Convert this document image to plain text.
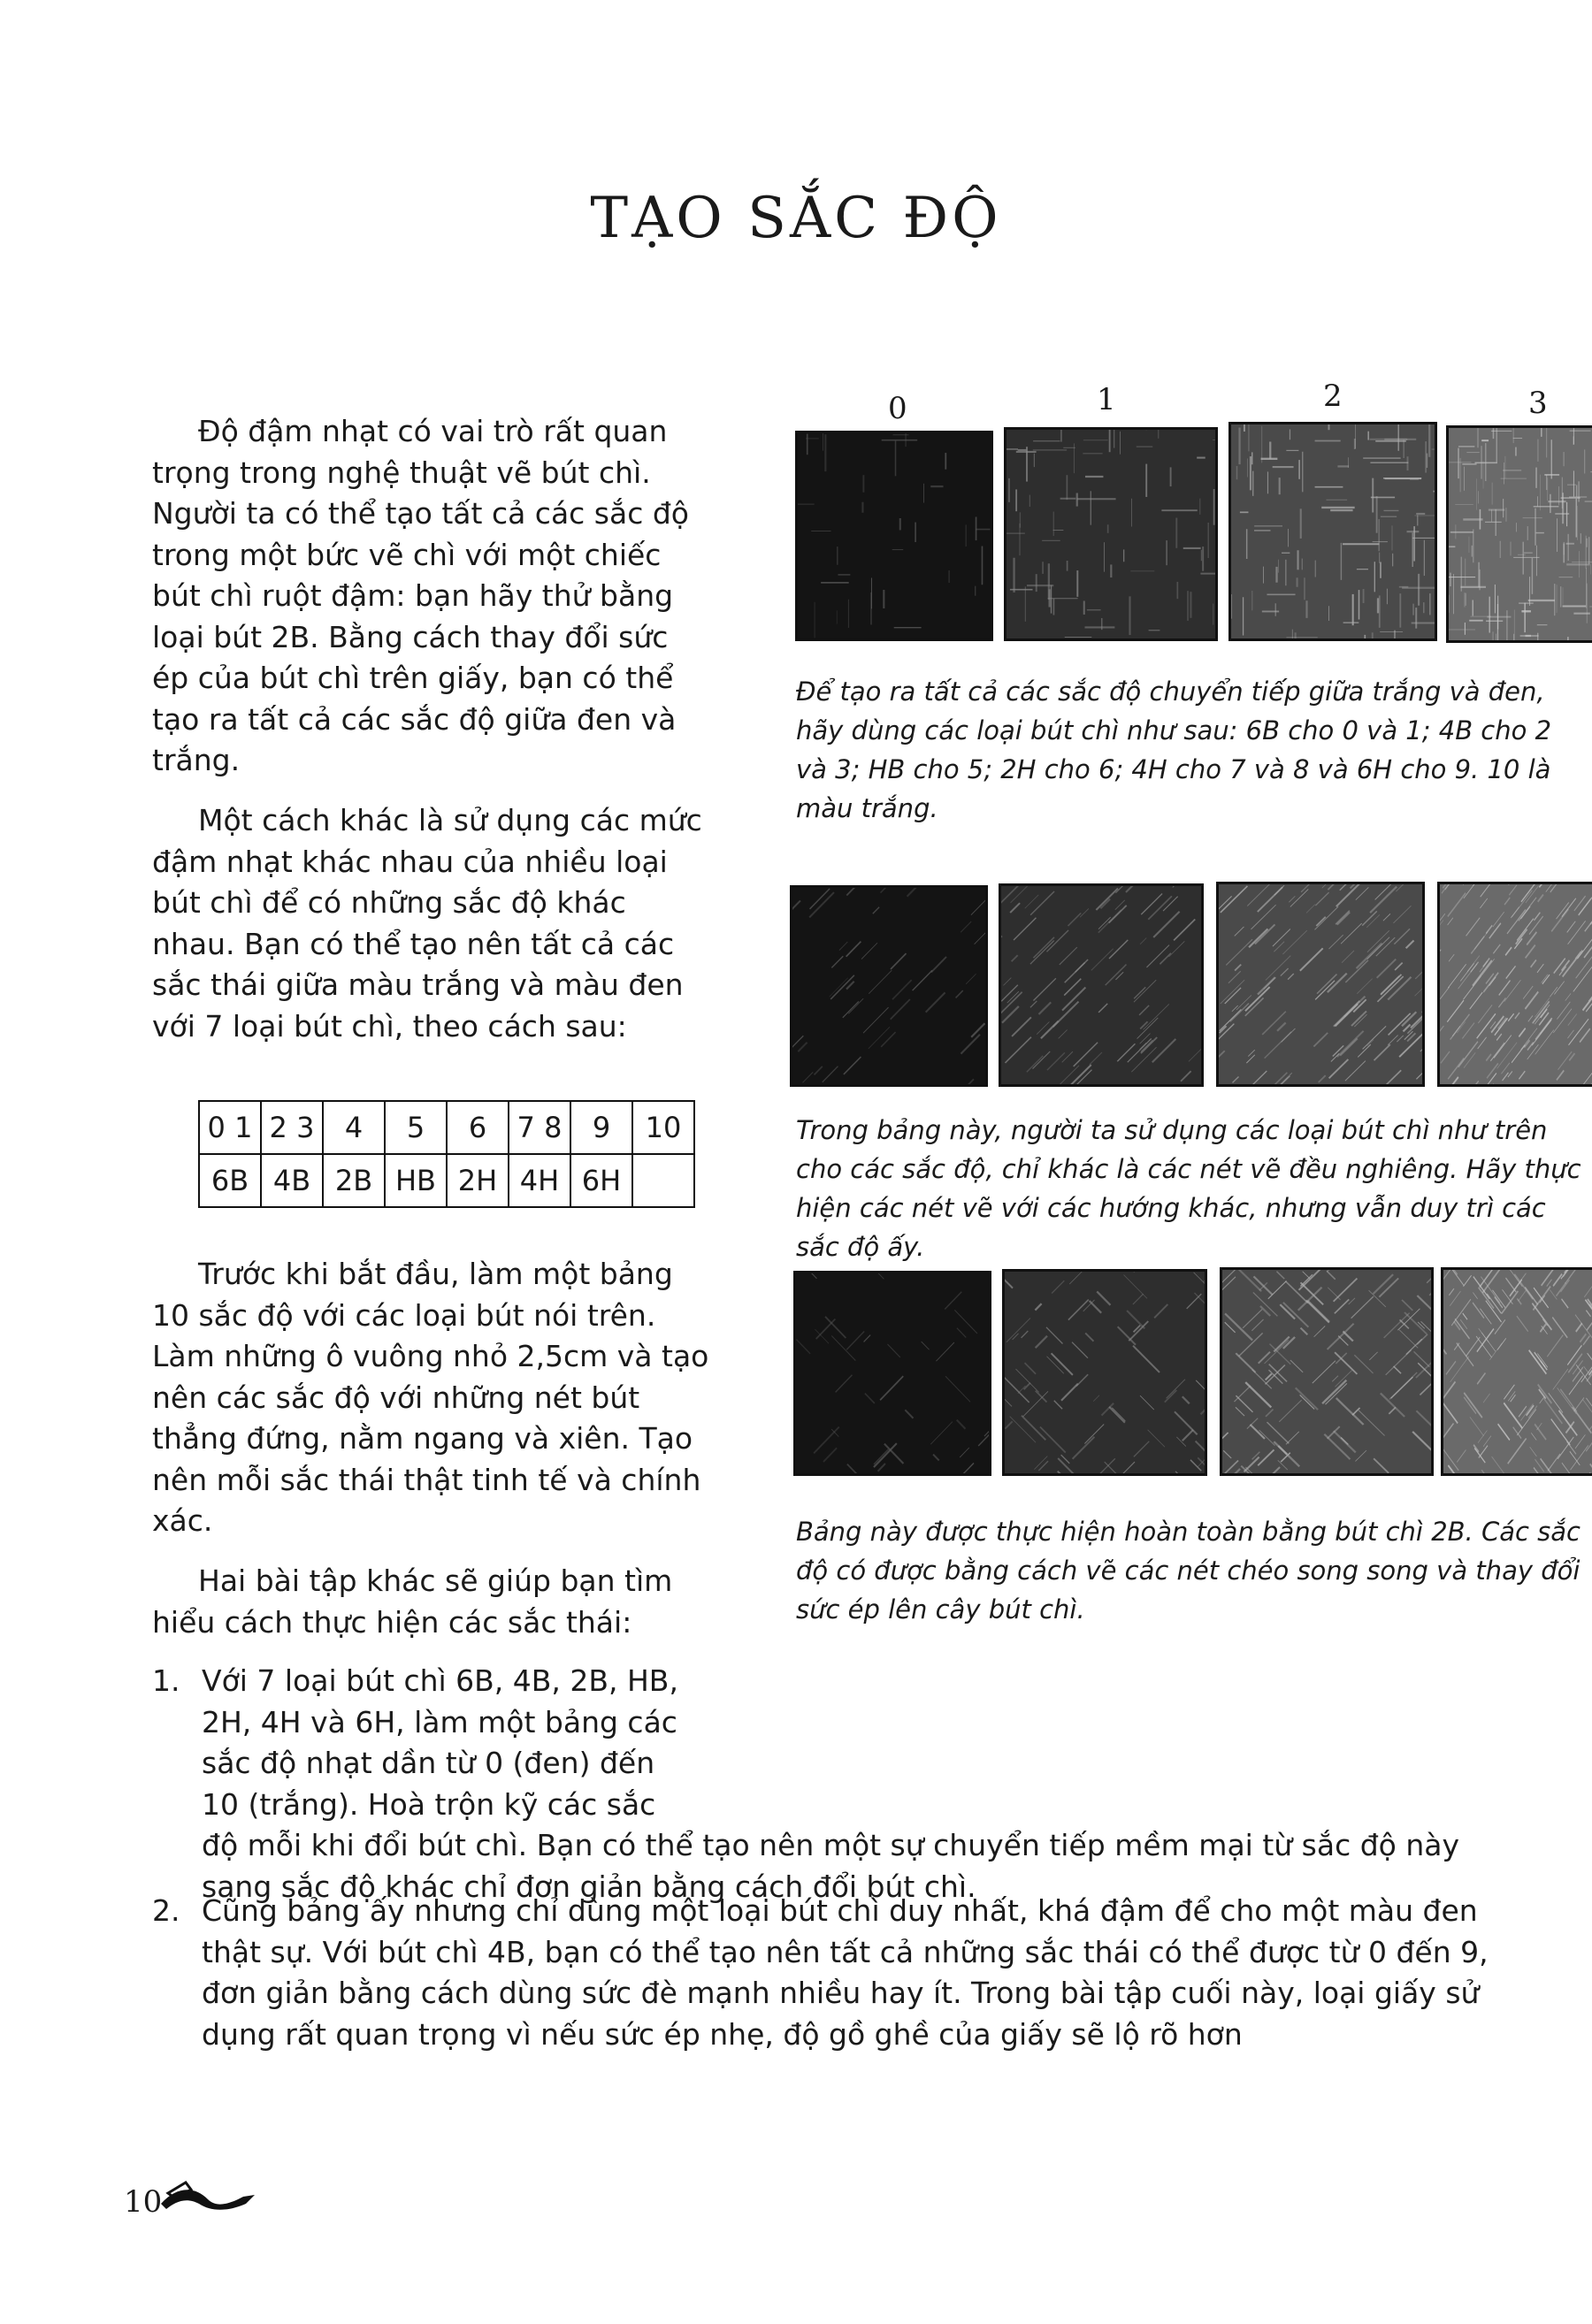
TẠO SẮC ĐỘ

Độ đậm nhạt có vai trò rất quan trọng trong nghệ thuật vẽ bút chì. Người ta có thể tạo tất cả các sắc độ trong một bức vẽ chì với một chiếc bút chì ruột đậm: bạn hãy thử bằng loại bút 2B. Bằng cách thay đổi sức ép của bút chì trên giấy, bạn có thể tạo ra tất cả các sắc độ giữa đen và trắng.

Một cách khác là sử dụng các mức đậm nhạt khác nhau của nhiều loại bút chì để có những sắc độ khác nhau. Bạn có thể tạo nên tất cả các sắc thái giữa màu trắng và màu đen với 7 loại bút chì, theo cách sau:

0 1	2 3	4	5	6	7 8	9	10
6B	4B	2B	HB	2H	4H	6H	

Trước khi bắt đầu, làm một bảng 10 sắc độ với các loại bút nói trên. Làm những ô vuông nhỏ 2,5cm và tạo nên các sắc độ với những nét bút thẳng đứng, nằm ngang và xiên. Tạo nên mỗi sắc thái thật tinh tế và chính xác.

Hai bài tập khác sẽ giúp bạn tìm hiểu cách thực hiện các sắc thái:

1. Với 7 loại bút chì 6B, 4B, 2B, HB, 2H, 4H và 6H, làm một bảng các sắc độ nhạt dần từ 0 (đen) đến 10 (trắng). Hoà trộn kỹ các sắc độ mỗi khi đổi bút chì. Bạn có thể tạo nên một sự chuyển tiếp mềm mại từ sắc độ này sang sắc độ khác chỉ đơn giản bằng cách đổi bút chì.
2. Cũng bảng ấy nhưng chỉ dùng một loại bút chì duy nhất, khá đậm để cho một màu đen thật sự. Với bút chì 4B, bạn có thể tạo nên tất cả những sắc thái có thể được từ 0 đến 9, đơn giản bằng cách dùng sức đè mạnh nhiều hay ít. Trong bài tập cuối này, loại giấy sử dụng rất quan trọng vì nếu sức ép nhẹ, độ gồ ghề của giấy sẽ lộ rõ hơn
0	1	2	3

Để tạo ra tất cả các sắc độ chuyển tiếp giữa trắng và đen, hãy dùng các loại bút chì như sau: 6B cho 0 và 1; 4B cho 2 và 3; HB cho 5; 2H cho 6; 4H cho 7 và 8 và 6H cho 9. 10 là màu trắng.

Trong bảng này, người ta sử dụng các loại bút chì như trên cho các sắc độ, chỉ khác là các nét vẽ đều nghiêng. Hãy thực hiện các nét vẽ với các hướng khác, nhưng vẫn duy trì các sắc độ ấy.

Bảng này được thực hiện hoàn toàn bằng bút chì 2B. Các sắc độ có được bằng cách vẽ các nét chéo song song và thay đổi sức ép lên cây bút chì.

10
